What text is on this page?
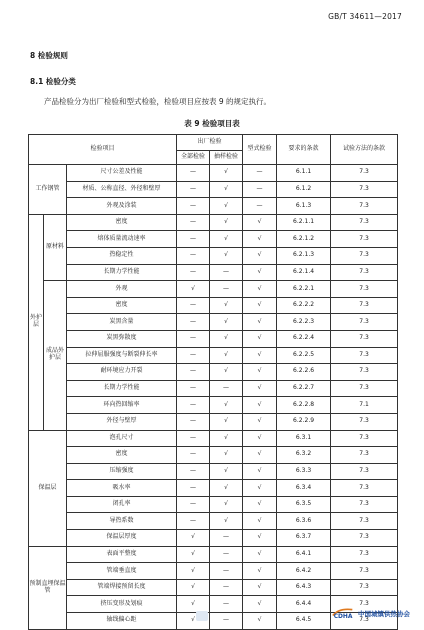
GB/T 34611—2017
8 检验规则
8.1 检验分类
产品检验分为出厂检验和型式检验，检验项目应按表 9 的规定执行。
表 9 检验项目表
检验项目			出厂检验		型式检验	要求的条款	试验方法的条款
			全部检验	抽样检验			
工作钢管		尺寸公差及性能	—	√	—	6.1.1	7.3
		材质、公称直径、外径和壁厚	—	√	—	6.1.2	7.3
		外观及涂装	—	√	—	6.1.3	7.3
外护层	原材料	密度	—	√	√	6.2.1.1	7.3
		熔体质量流动速率	—	√	√	6.2.1.2	7.3
		热稳定性	—	√	√	6.2.1.3	7.3
		长期力学性能	—	—	√	6.2.1.4	7.3
	成品外护层	外观	√	—	√	6.2.2.1	7.3
		密度	—	√	√	6.2.2.2	7.3
		炭黑含量	—	√	√	6.2.2.3	7.3
		炭黑弥散度	—	√	√	6.2.2.4	7.3
		拉伸屈服强度与断裂伸长率	—	√	√	6.2.2.5	7.3
		耐环境应力开裂	—	√	√	6.2.2.6	7.3
		长期力学性能	—	—	√	6.2.2.7	7.3
		环向热回缩率	—	√	√	6.2.2.8	7.1
		外径与壁厚	—	√	√	6.2.2.9	7.3
保温层		泡孔尺寸	—	√	√	6.3.1	7.3
		密度	—	√	√	6.3.2	7.3
		压缩强度	—	√	√	6.3.3	7.3
		吸水率	—	√	√	6.3.4	7.3
		闭孔率	—	√	√	6.3.5	7.3
		导热系数	—	√	√	6.3.6	7.3
		保温层厚度	√	—	√	6.3.7	7.3
预制直埋保温管		表面平整度	√	—	√	6.4.1	7.3
		管端垂直度	√	—	√	6.4.2	7.3
		管端焊接预留长度	√	—	√	6.4.3	7.3
		挤压变形及划痕	√	—	√	6.4.4	7.3
		轴线偏心距	√	—	√	6.4.5	7.3
CDHA 中国城镇供热协会
